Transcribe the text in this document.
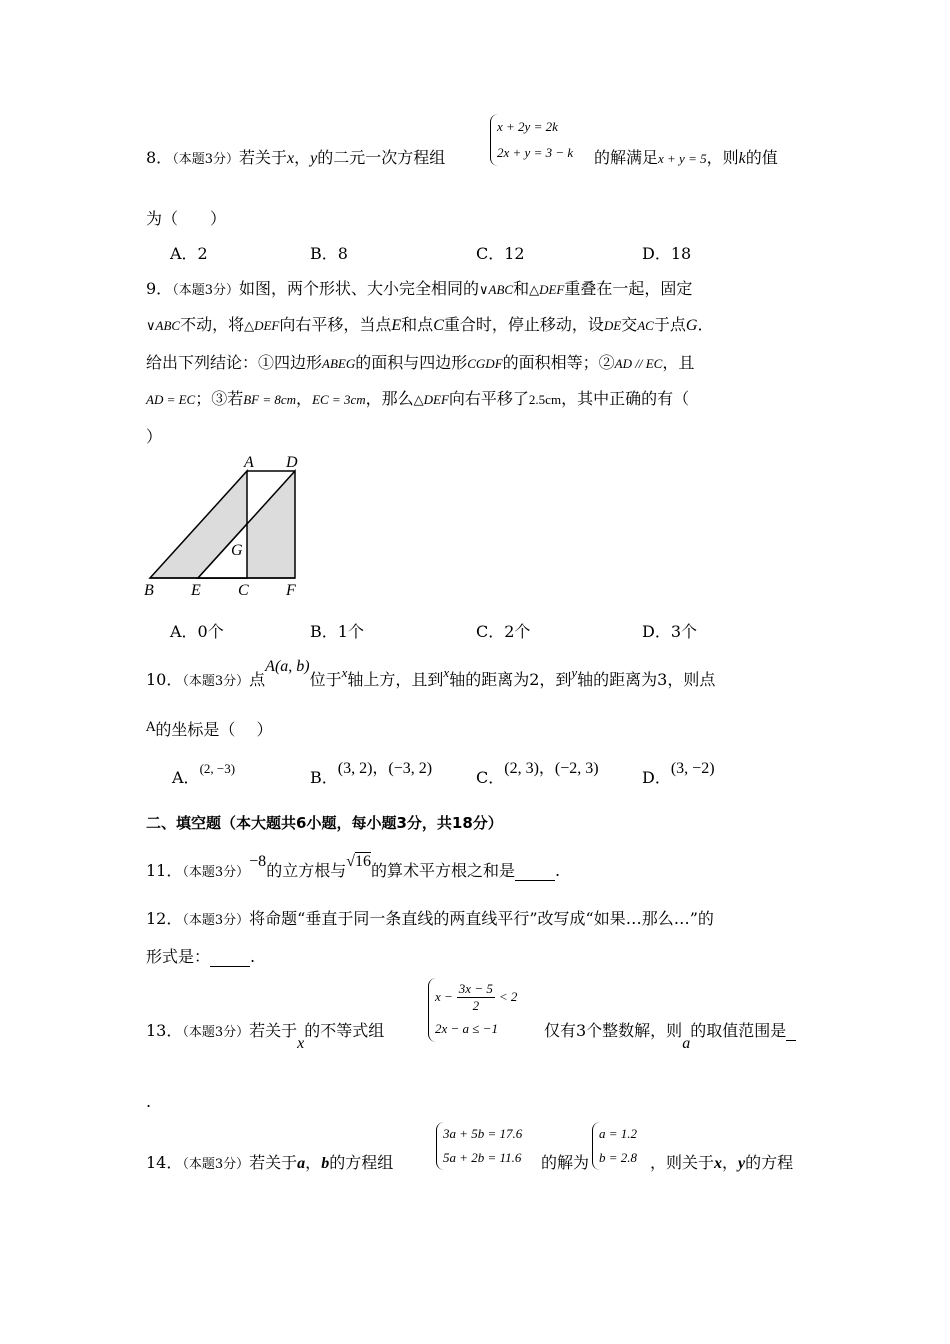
x + 2y = 2k
2x + y = 3 − k
8．（本题3分）若关于x，y的二元一次方程组	的解满足x + y = 5，则k的值
为（　　）
A．2	B．8	C．12	D．18
9．（本题3分）如图，两个形状、大小完全相同的∨ABC和△DEF重叠在一起，固定
∨ABC不动，将△DEF向右平移，当点E和点C重合时，停止移动，设DE交AC于点G．
给出下列结论：①四边形ABEG的面积与四边形CGDF的面积相等；②AD // EC，且
AD = EC；③若BF = 8cm，EC = 3cm，那么△DEF向右平移了2.5cm，其中正确的有（
）
A D
G
B E C F
A．0个	B．1个	C．2个	D．3个
10．（本题3分）点A(a, b)位于$^x$轴上方，且到$^x$轴的距离为2，到$^y$轴的距离为3，则点
$^A$的坐标是（　 ）
A．(2, −3)	B．(3, 2)，(−3, 2)	C．(2, 3)，(−2, 3)	D．(3, −2)
二、填空题（本大题共6小题，每小题3分，共18分）
11．（本题3分）−8的立方根与√16的算术平方根之和是	.
12．（本题3分）将命题“垂直于同一条直线的两直线平行”改写成“如果…那么…”的
形式是：	.
$x - \frac{3x - 5}{2} < 2$
2x − a ≤ −1
13．（本题3分）若关于x的不等式组	仅有3个整数解，则a的取值范围是
.
3a + 5b = 17.6
5a + 2b = 11.6
a = 1.2
b = 2.8
14．（本题3分）若关于a，b的方程组	的解为	，则关于x，y的方程
